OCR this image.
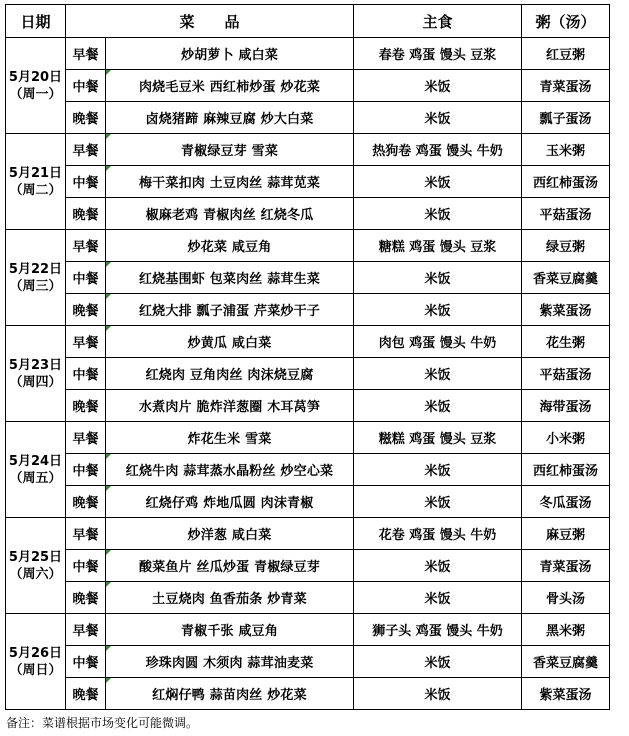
日期	菜　　品		主食	粥（汤）

5月20日
（周一）	早餐	炒胡萝卜 咸白菜	春卷 鸡蛋 馒头 豆浆	红豆粥
	中餐	肉烧毛豆米 西红柿炒蛋 炒花菜	米饭	青菜蛋汤
	晚餐	卤烧猪蹄 麻辣豆腐 炒大白菜	米饭	瓢子蛋汤

5月21日
（周二）	早餐	青椒绿豆芽 雪菜	热狗卷 鸡蛋 馒头 牛奶	玉米粥
	中餐	梅干菜扣肉 土豆肉丝 蒜茸苋菜	米饭	西红柿蛋汤
	晚餐	椒麻老鸡 青椒肉丝 红烧冬瓜	米饭	平菇蛋汤

5月22日
（周三）	早餐	炒花菜 咸豆角	糖糕 鸡蛋 馒头 豆浆	绿豆粥
	中餐	红烧基围虾 包菜肉丝 蒜茸生菜	米饭	香菜豆腐羹
	晚餐	红烧大排 瓢子浦蛋 芹菜炒干子	米饭	紫菜蛋汤

5月23日
（周四）	早餐	炒黄瓜 咸白菜	肉包 鸡蛋 馒头 牛奶	花生粥
	中餐	红烧肉 豆角肉丝 肉沫烧豆腐	米饭	平菇蛋汤
	晚餐	水煮肉片 脆炸洋葱圈 木耳莴笋	米饭	海带蛋汤

5月24日
（周五）	早餐	炸花生米 雪菜	糍糕 鸡蛋 馒头 豆浆	小米粥
	中餐	红烧牛肉 蒜茸蒸水晶粉丝 炒空心菜	米饭	西红柿蛋汤
	晚餐	红烧仔鸡 炸地瓜圆 肉沫青椒	米饭	冬瓜蛋汤

5月25日
（周六）	早餐	炒洋葱 咸白菜	花卷 鸡蛋 馒头 牛奶	麻豆粥
	中餐	酸菜鱼片 丝瓜炒蛋 青椒绿豆芽	米饭	青菜蛋汤
	晚餐	土豆烧肉 鱼香茄条 炒青菜	米饭	骨头汤

5月26日
（周日）	早餐	青椒千张 咸豆角	狮子头 鸡蛋 馒头 牛奶	黑米粥
	中餐	珍珠肉圆 木须肉 蒜茸油麦菜	米饭	香菜豆腐羹
	晚餐	红焖仔鸭 蒜苗肉丝 炒花菜	米饭	紫菜蛋汤
备注：菜谱根据市场变化可能微调。
